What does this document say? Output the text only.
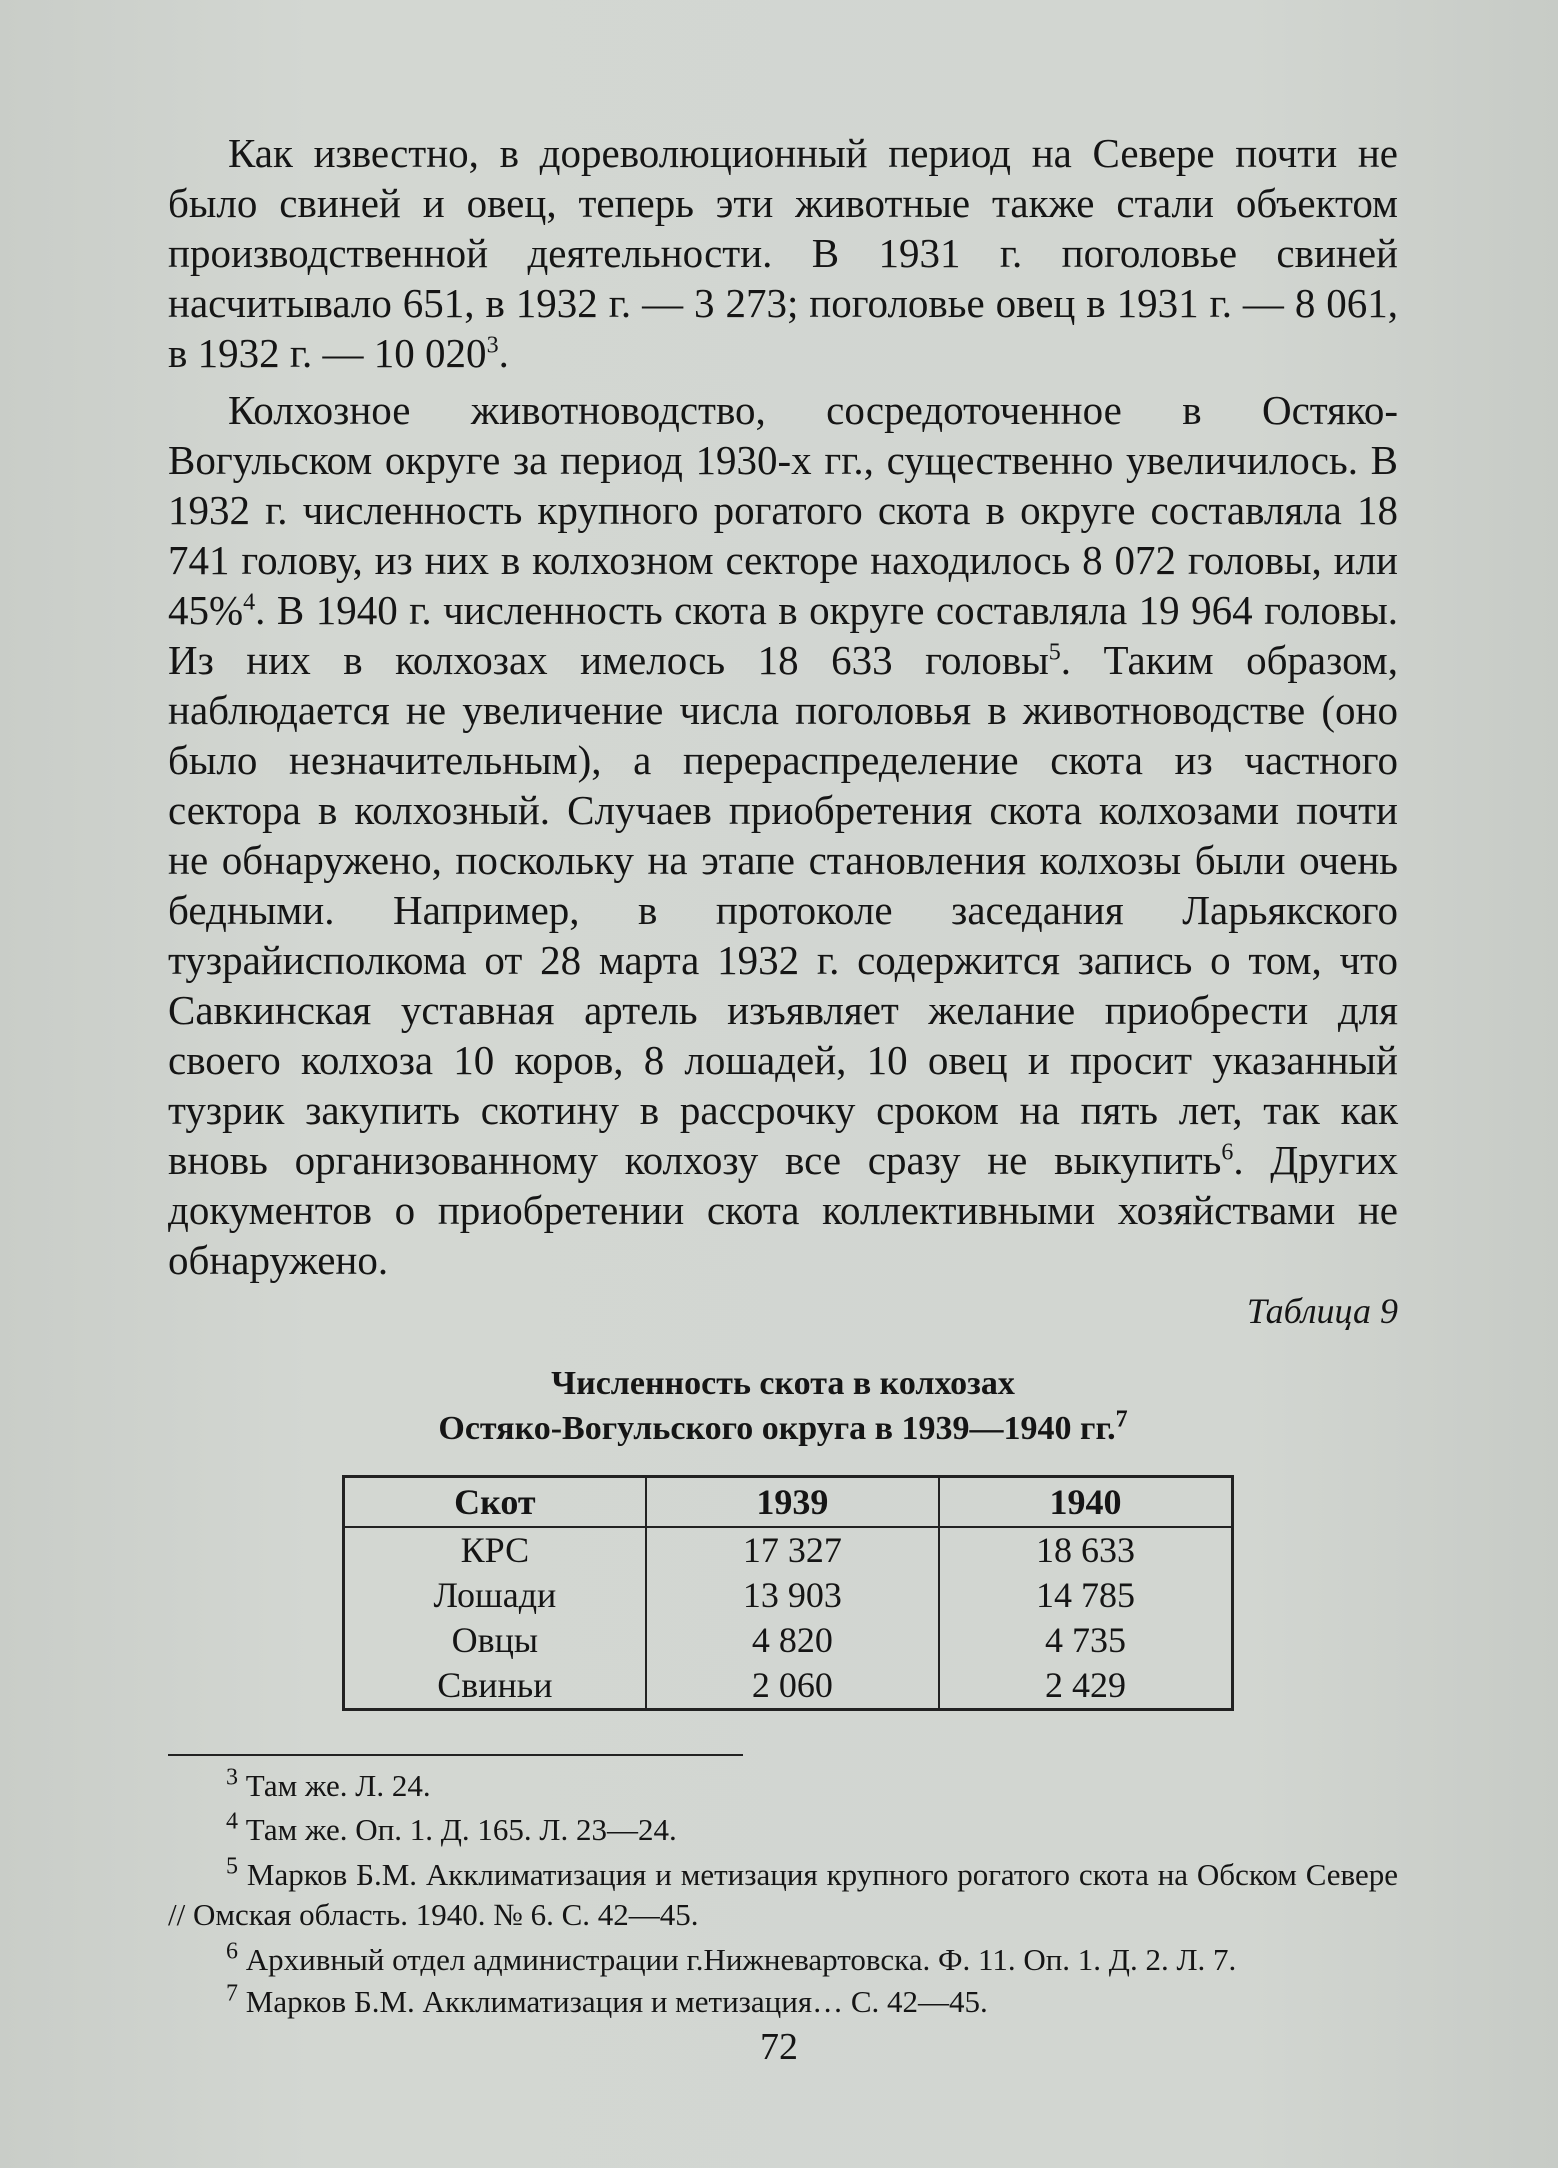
Как известно, в дореволюционный период на Севере почти не было свиней и овец, теперь эти животные также стали объектом производственной деятельности. В 1931 г. поголовье свиней насчитывало 651, в 1932 г. — 3 273; поголовье овец в 1931 г. — 8 061, в 1932 г. — 10 $020^3$.

Колхозное животноводство, сосредоточенное в Остяко-Вогульском округе за период 1930-х гг., существенно увеличилось. В 1932 г. численность крупного рогатого скота в округе составляла 18 741 голову, из них в колхозном секторе находилось 8 072 головы, или 45%$^4$. В 1940 г. численность скота в округе составляла 19 964 головы. Из них в колхозах имелось 18 633 головы$^5$. Таким образом, наблюдается не увеличение числа поголовья в животноводстве (оно было незначительным), а перераспределение скота из частного сектора в колхозный. Случаев приобретения скота колхозами почти не обнаружено, поскольку на этапе становления колхозы были очень бедными. Например, в протоколе заседания Ларьякского тузрайисполкома от 28 марта 1932 г. содержится запись о том, что Савкинская уставная артель изъявляет желание приобрести для своего колхоза 10 коров, 8 лошадей, 10 овец и просит указанный тузрик закупить скотину в рассрочку сроком на пять лет, так как вновь организованному колхозу все сразу не выкупить$^6$. Других документов о приобретении скота коллективными хозяйствами не обнаружено.

Таблица 9
Численность скота в колхозах
Остяко-Вогульского округа в 1939—1940 гг.$^7$
Скот	1939	1940
КРС	17 327	18 633
Лошади	13 903	14 785
Овцы	4 820	4 735
Свиньи	2 060	2 429

$^3$ Там же. Л. 24.

$^4$ Там же. Оп. 1. Д. 165. Л. 23—24.

$^5$ Марков Б.М. Акклиматизация и метизация крупного рогатого скота на Обском Севере // Омская область. 1940. № 6. С. 42—45.

$^6$ Архивный отдел администрации г.Нижневартовска. Ф. 11. Оп. 1. Д. 2. Л. 7.

$^7$ Марков Б.М. Акклиматизация и метизация… С. 42—45.

72
